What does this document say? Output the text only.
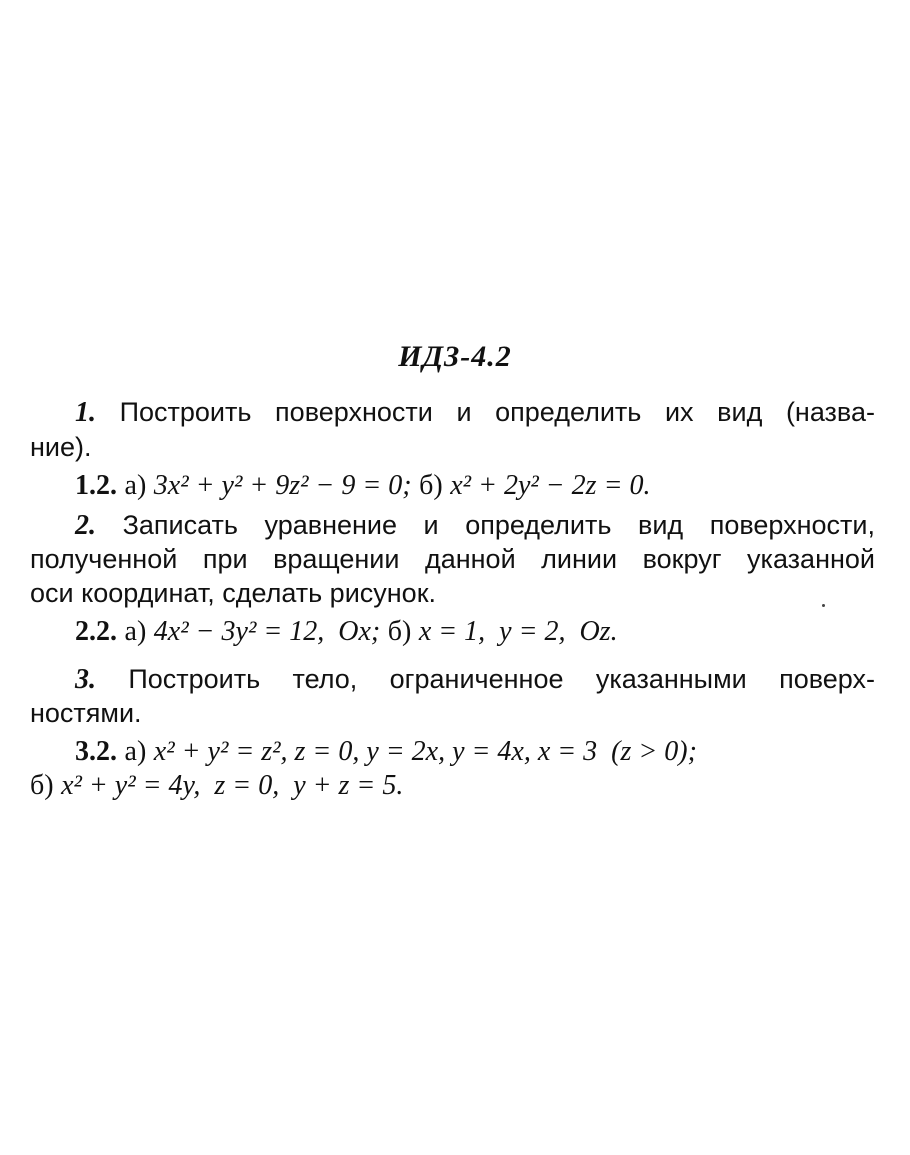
ИДЗ-4.2
1. Построить поверхности и определить их вид (назва-
ние).
1.2. а) 3x² + y² + 9z² − 9 = 0; б) x² + 2y² − 2z = 0.
2. Записать уравнение и определить вид поверхности,
полученной при вращении данной линии вокруг указанной
оси координат, сделать рисунок.
2.2. а) 4x² − 3y² = 12,  Ox; б) x = 1,  y = 2,  Oz.
3. Построить тело, ограниченное указанными поверх-
ностями.
3.2. а) x² + y² = z², z = 0, y = 2x, y = 4x, x = 3  (z > 0);
б) x² + y² = 4y,  z = 0,  y + z = 5.
